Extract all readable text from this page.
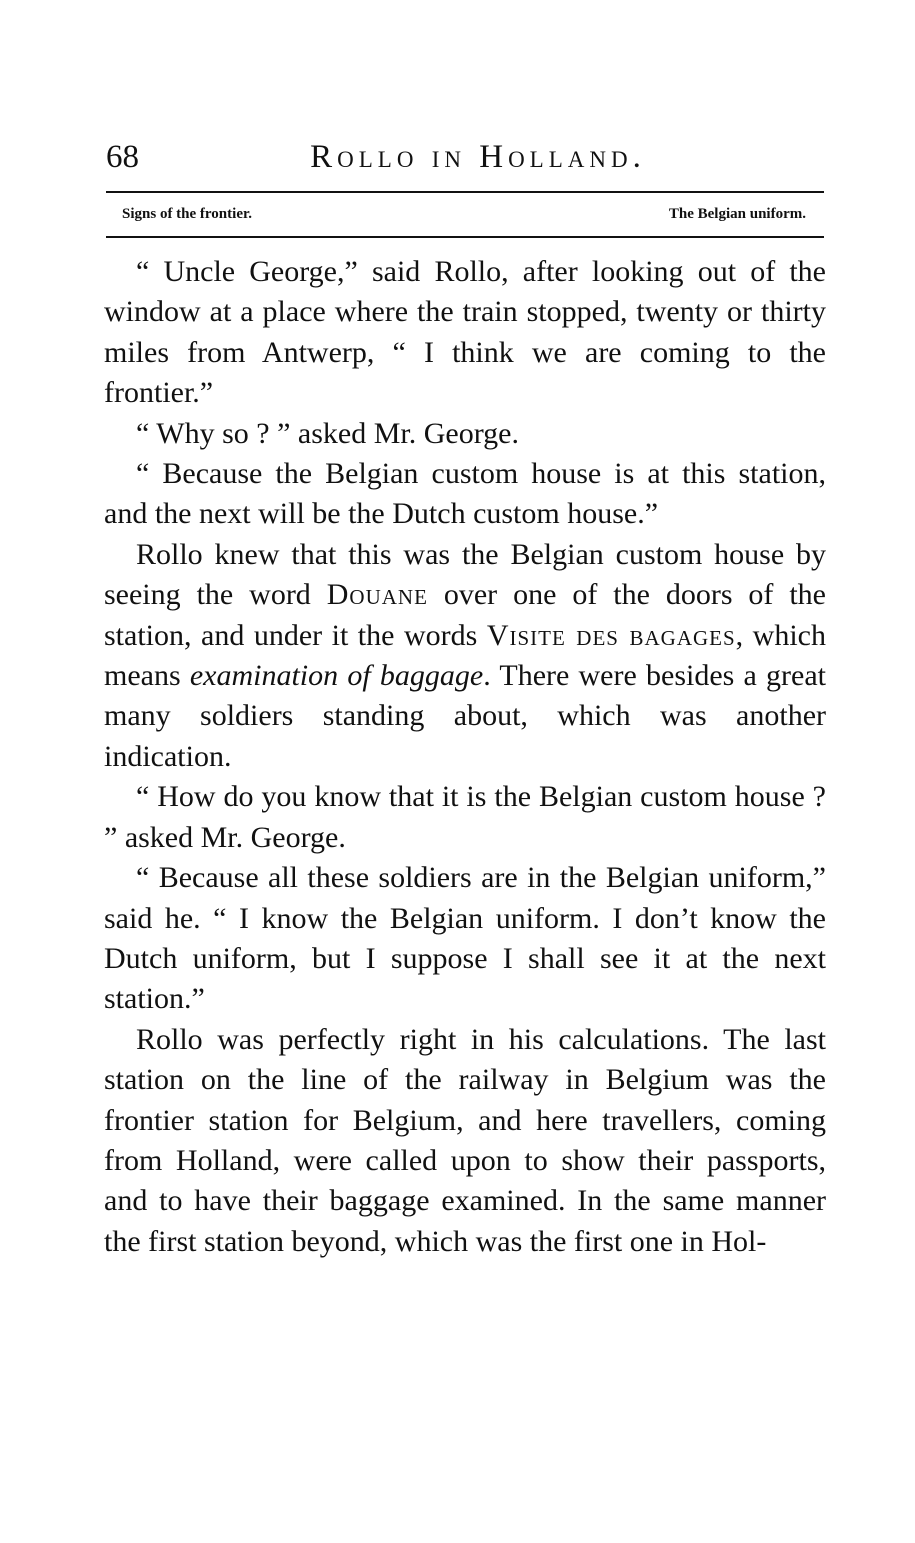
68	Rollo in Holland.
Signs of the frontier.	The Belgian uniform.

“ Uncle George,” said Rollo, after looking out of the window at a place where the train stopped, twenty or thirty miles from Antwerp, “ I think we are coming to the frontier.”

“ Why so ? ” asked Mr. George.

“ Because the Belgian custom house is at this station, and the next will be the Dutch custom house.”

Rollo knew that this was the Belgian custom house by seeing the word Douane over one of the doors of the station, and under it the words Visite des bagages, which means examination of baggage. There were besides a great many soldiers standing about, which was another indication.

“ How do you know that it is the Belgian custom house ? ” asked Mr. George.

“ Because all these soldiers are in the Belgian uniform,” said he. “ I know the Belgian uniform. I don’t know the Dutch uniform, but I suppose I shall see it at the next station.”

Rollo was perfectly right in his calculations. The last station on the line of the railway in Belgium was the frontier station for Belgium, and here travellers, coming from Holland, were called upon to show their passports, and to have their baggage examined. In the same manner the first station beyond, which was the first one in Hol-
